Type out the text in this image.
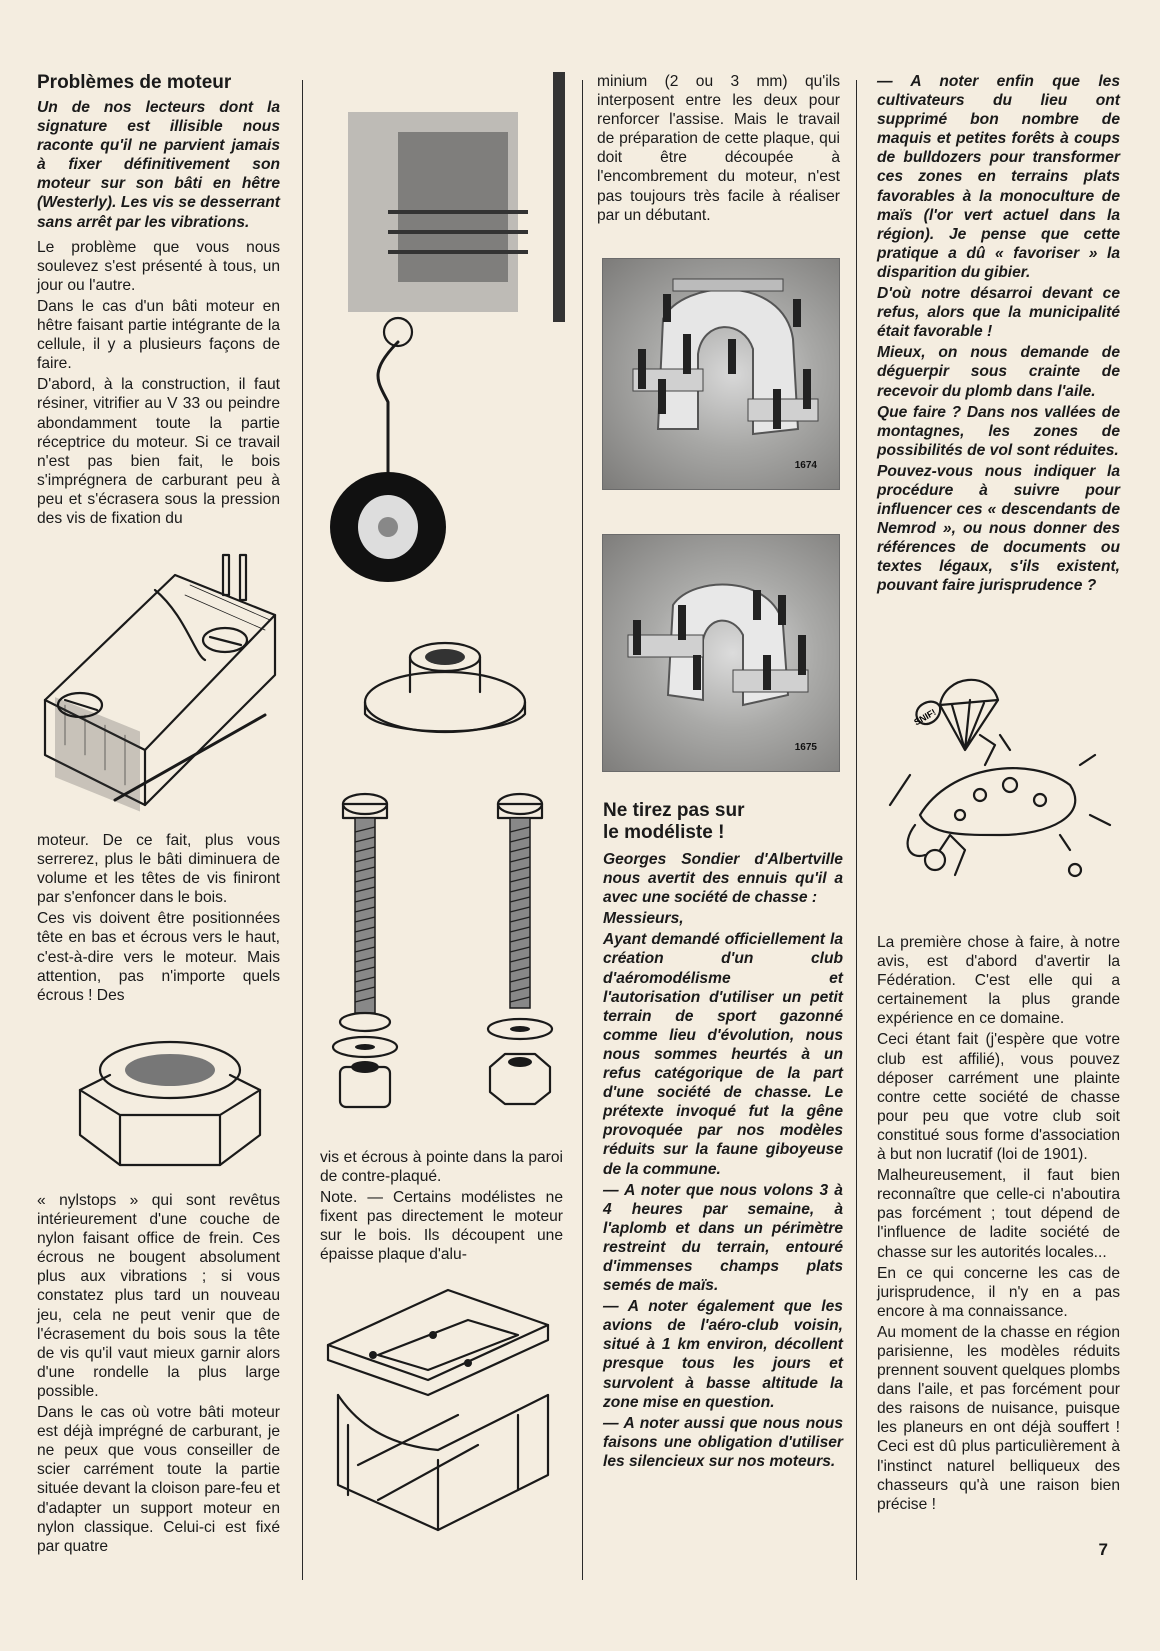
Problèmes de moteur

Un de nos lecteurs dont la signature est illisible nous raconte qu'il ne parvient jamais à fixer définitivement son moteur sur son bâti en hêtre (Westerly). Les vis se desserrant sans arrêt par les vibrations.

Le problème que vous nous soulevez s'est présenté à tous, un jour ou l'autre.

Dans le cas d'un bâti moteur en hêtre faisant partie intégrante de la cellule, il y a plusieurs façons de faire.

D'abord, à la construction, il faut résiner, vitrifier au V 33 ou peindre abondamment toute la partie réceptrice du moteur. Si ce travail n'est pas bien fait, le bois s'imprégnera de carburant peu à peu et s'écrasera sous la pression des vis de fixation du

moteur. De ce fait, plus vous serrerez, plus le bâti diminuera de volume et les têtes de vis finiront par s'enfoncer dans le bois.

Ces vis doivent être positionnées tête en bas et écrous vers le haut, c'est-à-dire vers le moteur. Mais attention, pas n'importe quels écrous ! Des

« nylstops » qui sont revêtus intérieurement d'une couche de nylon faisant office de frein. Ces écrous ne bougent absolument plus aux vibrations ; si vous constatez plus tard un nouveau jeu, cela ne peut venir que de l'écrasement du bois sous la tête de vis qu'il vaut mieux garnir alors d'une rondelle la plus large possible.

Dans le cas où votre bâti moteur est déjà imprégné de carburant, je ne peux que vous conseiller de scier carrément toute la partie située devant la cloison pare-feu et d'adapter un support moteur en nylon classique. Celui-ci est fixé par quatre

vis et écrous à pointe dans la paroi de contre-plaqué.

Note. — Certains modélistes ne fixent pas directement le moteur sur le bois. Ils découpent une épaisse plaque d'alu-

minium (2 ou 3 mm) qu'ils interposent entre les deux pour renforcer l'assise. Mais le travail de préparation de cette plaque, qui doit être découpée à l'encombrement du moteur, n'est pas toujours très facile à réaliser par un débutant.

1674
1675
Ne tirez pas sur le modéliste !

Georges Sondier d'Albertville nous avertit des ennuis qu'il a avec une société de chasse :

Messieurs,

Ayant demandé officiellement la création d'un club d'aéromodélisme et l'autorisation d'utiliser un petit terrain de sport gazonné comme lieu d'évolution, nous nous sommes heurtés à un refus catégorique de la part d'une société de chasse. Le prétexte invoqué fut la gêne provoquée par nos modèles réduits sur la faune giboyeuse de la commune.

— A noter que nous volons 3 à 4 heures par semaine, à l'aplomb et dans un périmètre restreint du terrain, entouré d'immenses champs plats semés de maïs.

— A noter également que les avions de l'aéro-club voisin, situé à 1 km environ, décollent presque tous les jours et survolent à basse altitude la zone mise en question.

— A noter aussi que nous nous faisons une obligation d'utiliser les silencieux sur nos moteurs.

— A noter enfin que les cultivateurs du lieu ont supprimé bon nombre de maquis et petites forêts à coups de bulldozers pour transformer ces zones en terrains plats favorables à la monoculture de maïs (l'or vert actuel dans la région). Je pense que cette pratique a dû « favoriser » la disparition du gibier.

D'où notre désarroi devant ce refus, alors que la municipalité était favorable !

Mieux, on nous demande de déguerpir sous crainte de recevoir du plomb dans l'aile.

Que faire ? Dans nos vallées de montagnes, les zones de possibilités de vol sont réduites.

Pouvez-vous nous indiquer la procédure à suivre pour influencer ces « descendants de Nemrod », ou nous donner des références de documents ou textes légaux, s'ils existent, pouvant faire jurisprudence ?

SNIF!

La première chose à faire, à notre avis, est d'abord d'avertir la Fédération. C'est elle qui a certainement la plus grande expérience en ce domaine.

Ceci étant fait (j'espère que votre club est affilié), vous pouvez déposer carrément une plainte contre cette société de chasse pour peu que votre club soit constitué sous forme d'association à but non lucratif (loi de 1901).

Malheureusement, il faut bien reconnaître que celle-ci n'aboutira pas forcément ; tout dépend de l'influence de ladite société de chasse sur les autorités locales...

En ce qui concerne les cas de jurisprudence, il n'y en a pas encore à ma connaissance.

Au moment de la chasse en région parisienne, les modèles réduits prennent souvent quelques plombs dans l'aile, et pas forcément pour des raisons de nuisance, puisque les planeurs en ont déjà souffert ! Ceci est dû plus particulièrement à l'instinct naturel belliqueux des chasseurs qu'à une raison bien précise !

7
